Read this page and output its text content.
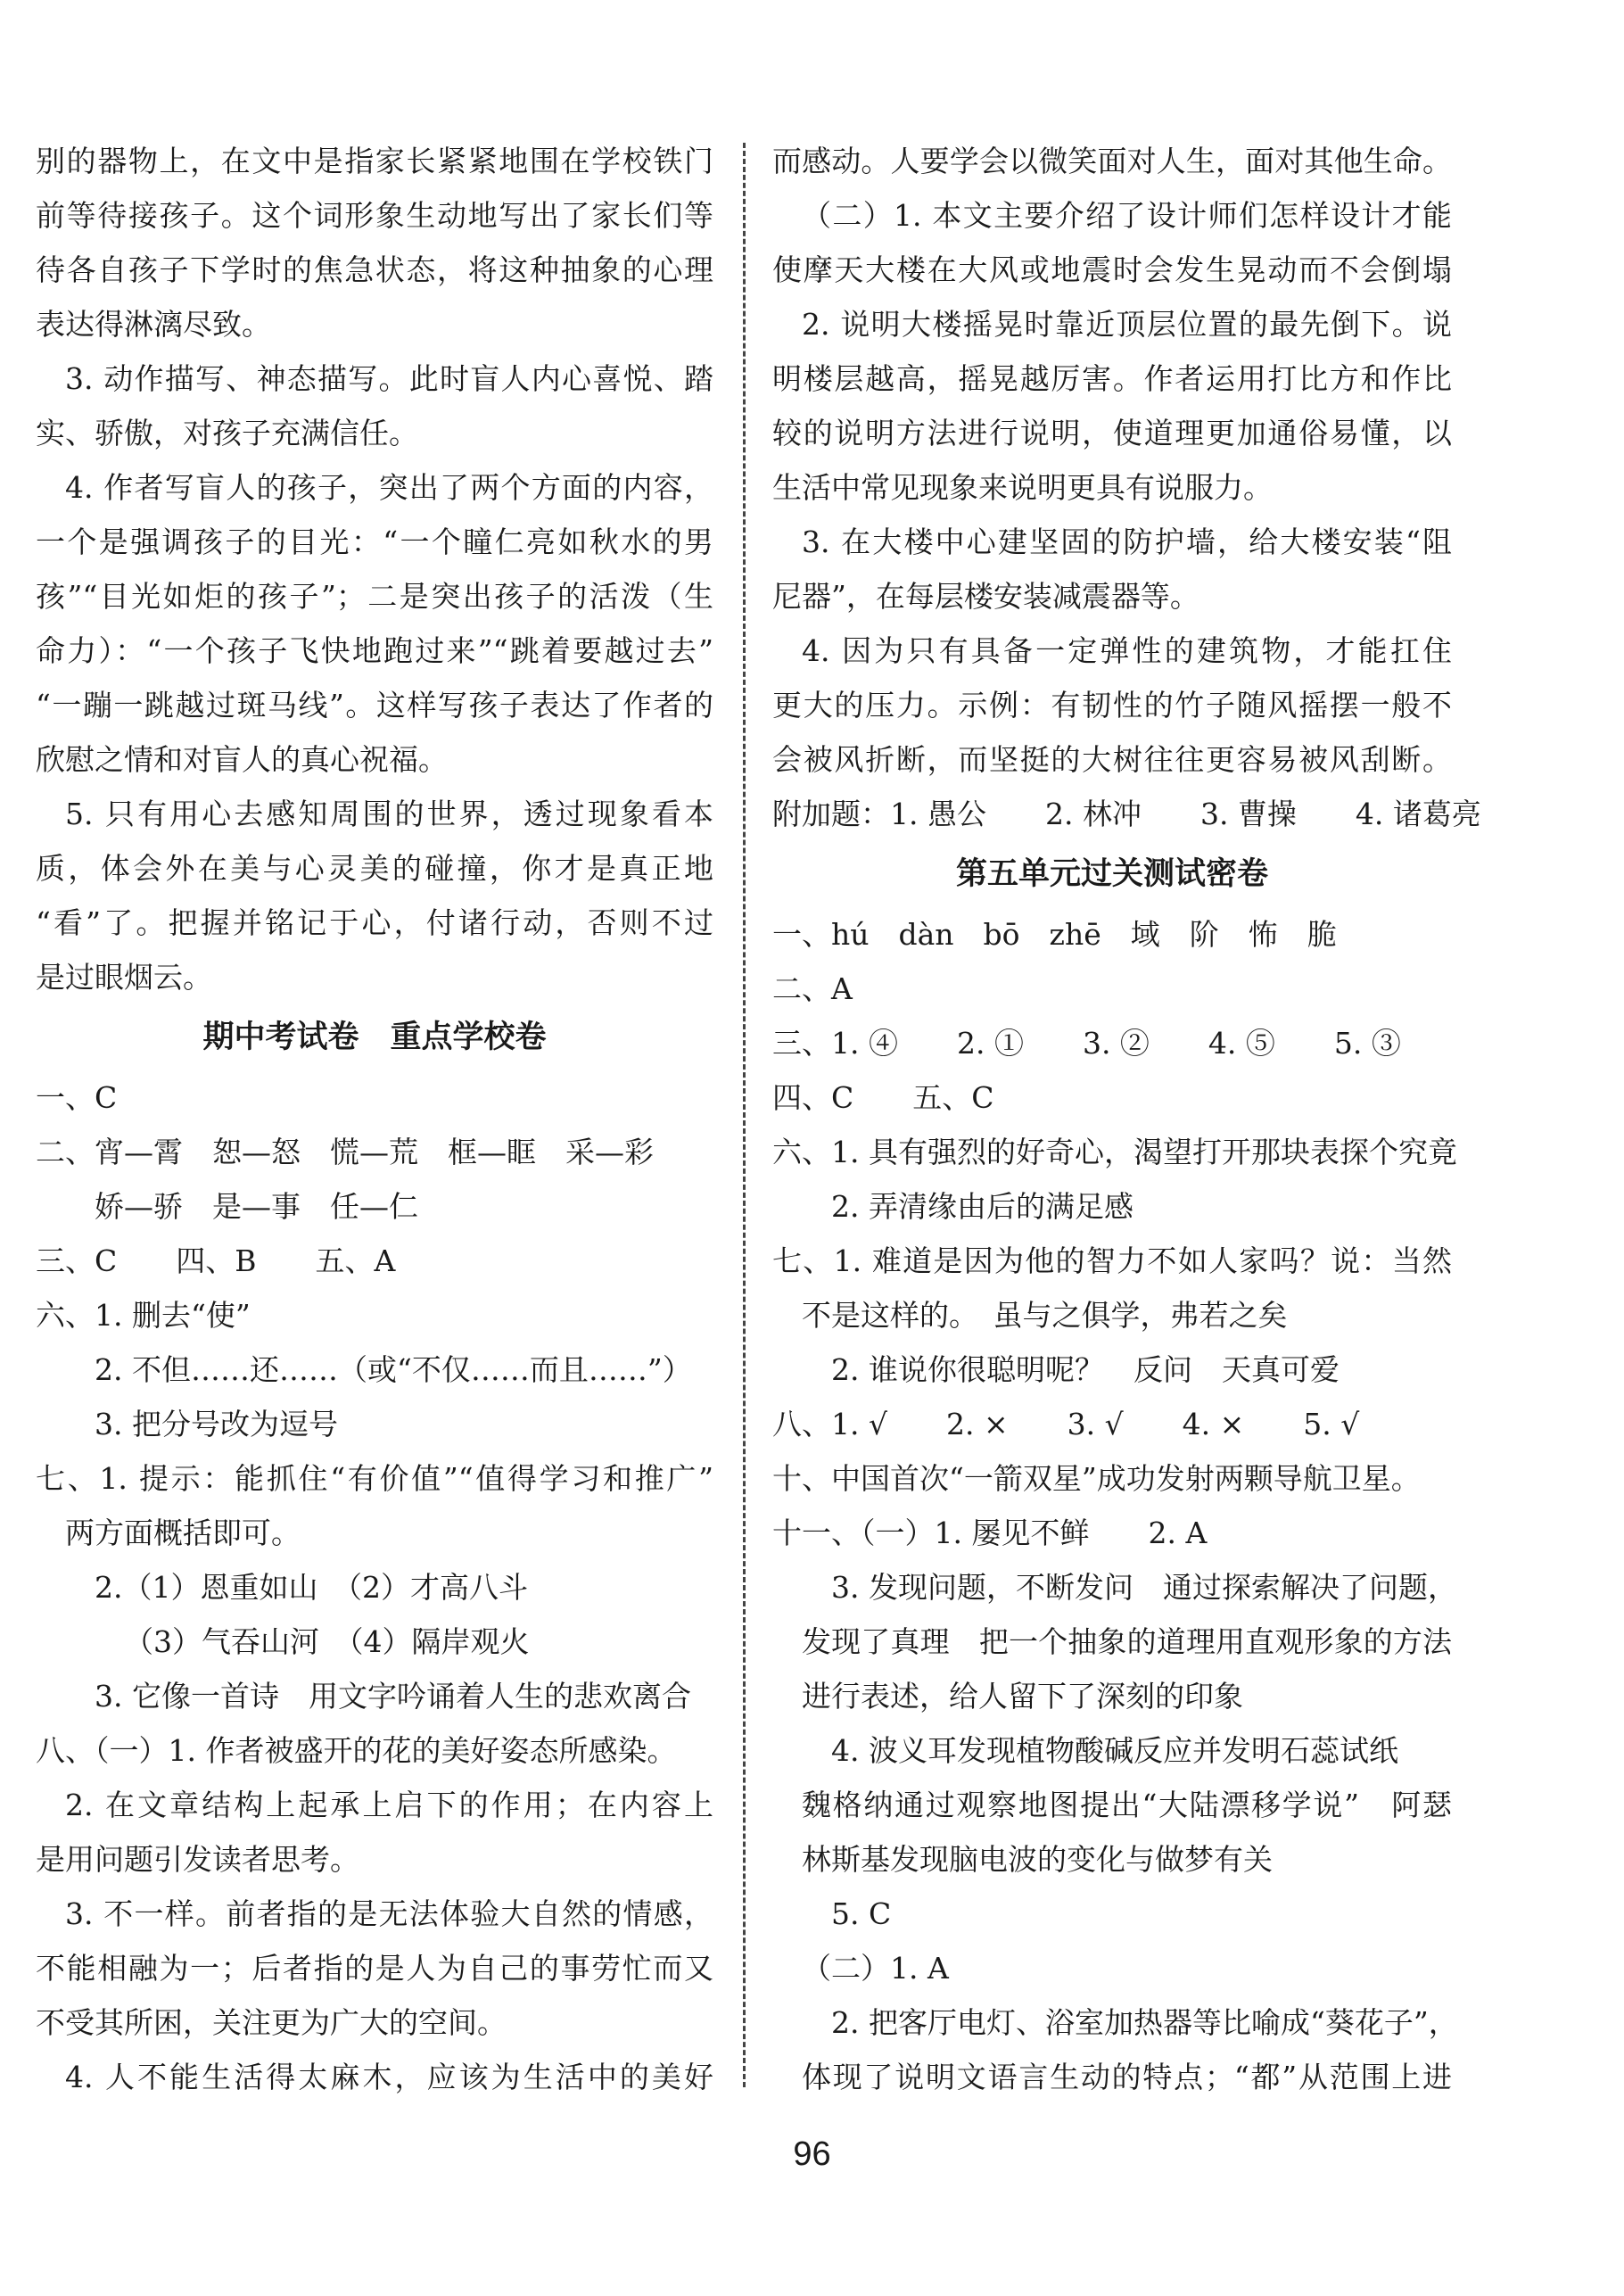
别的器物上，在文中是指家长紧紧地围在学校铁门
前等待接孩子。这个词形象生动地写出了家长们等
待各自孩子下学时的焦急状态，将这种抽象的心理
表达得淋漓尽致。
3. 动作描写、神态描写。此时盲人内心喜悦、踏
实、骄傲，对孩子充满信任。
4. 作者写盲人的孩子，突出了两个方面的内容，
一个是强调孩子的目光：“一个瞳仁亮如秋水的男
孩”“目光如炬的孩子”；二是突出孩子的活泼（生
命力）：“一个孩子飞快地跑过来”“跳着要越过去”
“一蹦一跳越过斑马线”。这样写孩子表达了作者的
欣慰之情和对盲人的真心祝福。
5. 只有用心去感知周围的世界，透过现象看本
质，体会外在美与心灵美的碰撞，你才是真正地
“看”了。把握并铭记于心，付诸行动，否则不过
是过眼烟云。
期中考试卷　重点学校卷
一、C
二、宵—霄　恕—怒　慌—荒　框—眶　采—彩
娇—骄　是—事　任—仁
三、C　　四、B　　五、A
六、1. 删去“使”
2. 不但……还……（或“不仅……而且……”）
3. 把分号改为逗号
七、1. 提示：能抓住“有价值”“值得学习和推广”
两方面概括即可。
2.（1）恩重如山　（2）才高八斗
（3）气吞山河　（4）隔岸观火
3. 它像一首诗　用文字吟诵着人生的悲欢离合
八、（一）1. 作者被盛开的花的美好姿态所感染。
2. 在文章结构上起承上启下的作用；在内容上
是用问题引发读者思考。
3. 不一样。前者指的是无法体验大自然的情感，
不能相融为一；后者指的是人为自己的事劳忙而又
不受其所困，关注更为广大的空间。
4. 人不能生活得太麻木，应该为生活中的美好
而感动。人要学会以微笑面对人生，面对其他生命。
（二）1. 本文主要介绍了设计师们怎样设计才能
使摩天大楼在大风或地震时会发生晃动而不会倒塌
2. 说明大楼摇晃时靠近顶层位置的最先倒下。说
明楼层越高，摇晃越厉害。作者运用打比方和作比
较的说明方法进行说明，使道理更加通俗易懂，以
生活中常见现象来说明更具有说服力。
3. 在大楼中心建坚固的防护墙，给大楼安装“阻
尼器”，在每层楼安装减震器等。
4. 因为只有具备一定弹性的建筑物，才能扛住
更大的压力。示例：有韧性的竹子随风摇摆一般不
会被风折断，而坚挺的大树往往更容易被风刮断。
附加题：1. 愚公　　2. 林冲　　3. 曹操　　4. 诸葛亮
第五单元过关测试密卷
一、hú　dàn　bō　zhē　域　阶　怖　脆
二、A
三、1. ④　　2. ①　　3. ②　　4. ⑤　　5. ③
四、C　　五、C
六、1. 具有强烈的好奇心，渴望打开那块表探个究竟
2. 弄清缘由后的满足感
七、1. 难道是因为他的智力不如人家吗？说：当然
不是这样的。　虽与之俱学，弗若之矣
2. 谁说你很聪明呢？　反问　天真可爱
八、1. √　　2. ×　　3. √　　4. ×　　5. √
十、中国首次“一箭双星”成功发射两颗导航卫星。
十一、（一）1. 屡见不鲜　　2. A
3. 发现问题，不断发问　通过探索解决了问题，
发现了真理　把一个抽象的道理用直观形象的方法
进行表述，给人留下了深刻的印象
4. 波义耳发现植物酸碱反应并发明石蕊试纸
魏格纳通过观察地图提出“大陆漂移学说”　阿瑟
林斯基发现脑电波的变化与做梦有关
5. C
（二）1. A
2. 把客厅电灯、浴室加热器等比喻成“葵花子”，
体现了说明文语言生动的特点；“都”从范围上进
96
